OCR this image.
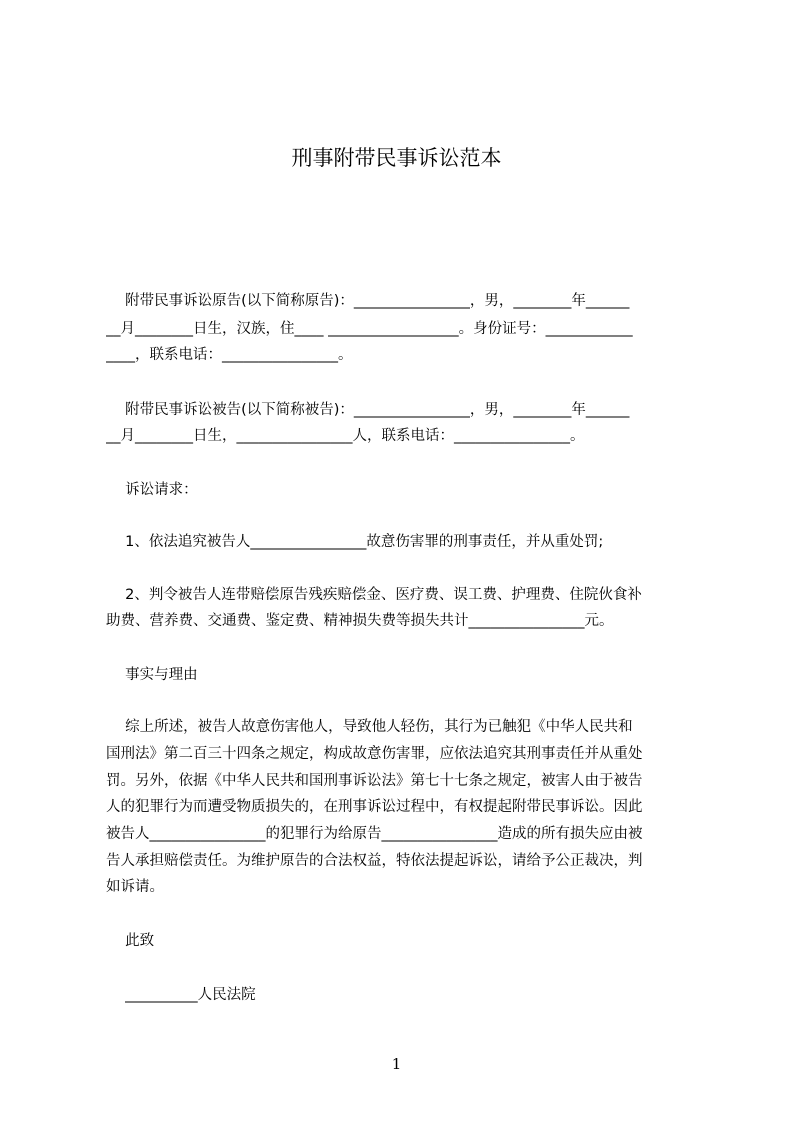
刑事附带民事诉讼范本
　 附带民事诉讼原告(以下简称原告)：________________，男，________年______
__月________日生，汉族，住____ __________________。身份证号：____________
____，联系电话：________________。
　 附带民事诉讼被告(以下简称被告)：________________，男，________年______
__月________日生，________________人，联系电话：________________。
　 诉讼请求：
　 1、依法追究被告人________________故意伤害罪的刑事责任，并从重处罚;
　 2、判令被告人连带赔偿原告残疾赔偿金、医疗费、误工费、护理费、住院伙食补
助费、营养费、交通费、鉴定费、精神损失费等损失共计________________元。
　 事实与理由
　 综上所述，被告人故意伤害他人，导致他人轻伤，其行为已触犯《中华人民共和
国刑法》第二百三十四条之规定，构成故意伤害罪，应依法追究其刑事责任并从重处
罚。另外，依据《中华人民共和国刑事诉讼法》第七十七条之规定，被害人由于被告
人的犯罪行为而遭受物质损失的，在刑事诉讼过程中，有权提起附带民事诉讼。因此
被告人________________的犯罪行为给原告________________造成的所有损失应由被
告人承担赔偿责任。为维护原告的合法权益，特依法提起诉讼，请给予公正裁决，判
如诉请。
　 此致
　 __________人民法院
1
